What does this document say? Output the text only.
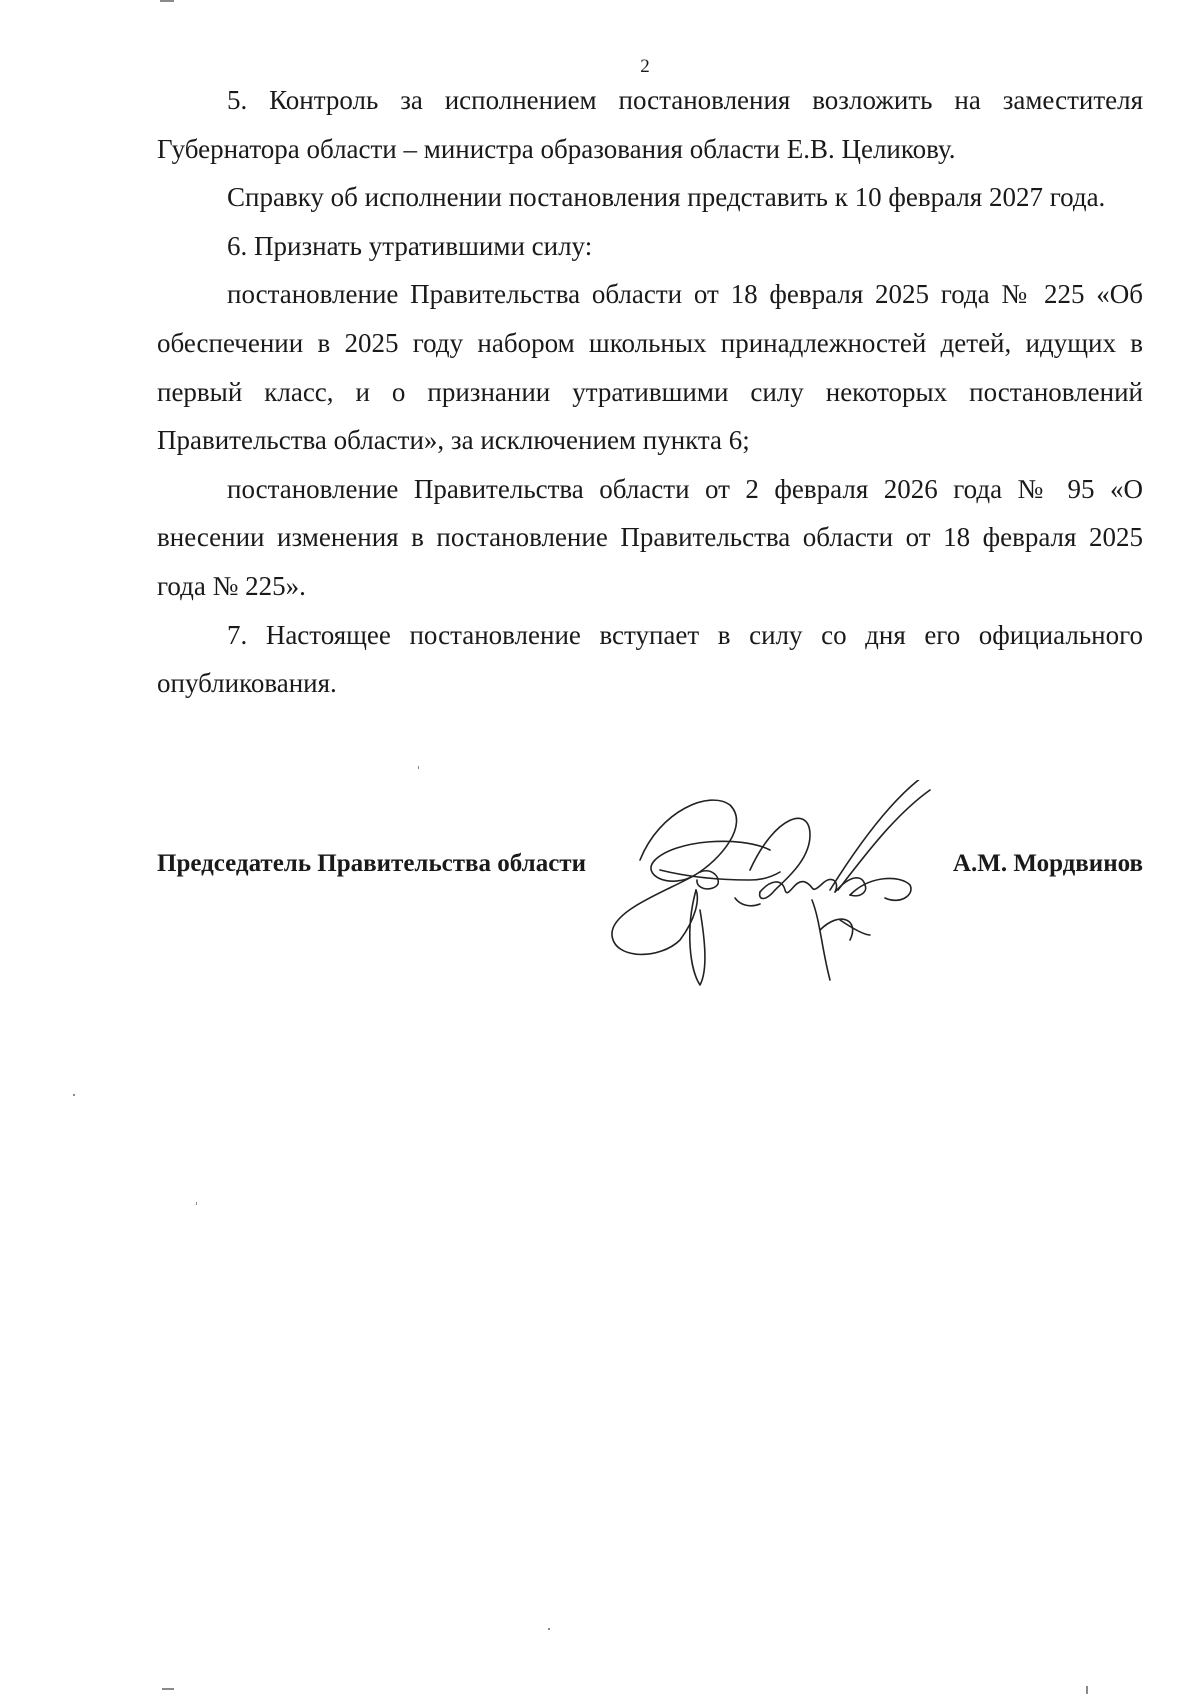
2

5. Контроль за исполнением постановления возложить на заместителя Губернатора области – министра образования области Е.В. Целикову.

Справку об исполнении постановления представить к 10 февраля 2027 года.

6. Признать утратившими силу:

постановление Правительства области от 18 февраля 2025 года № 225 «Об обеспечении в 2025 году набором школьных принадлежностей детей, идущих в первый класс, и о признании утратившими силу некоторых постановлений Правительства области», за исключением пункта 6;

постановление Правительства области от 2 февраля 2026 года № 95 «О внесении изменения в постановление Правительства области от 18 февраля 2025 года № 225».

7. Настоящее постановление вступает в силу со дня его официального опубликования.

Председатель Правительства области	А.М. Мордвинов
